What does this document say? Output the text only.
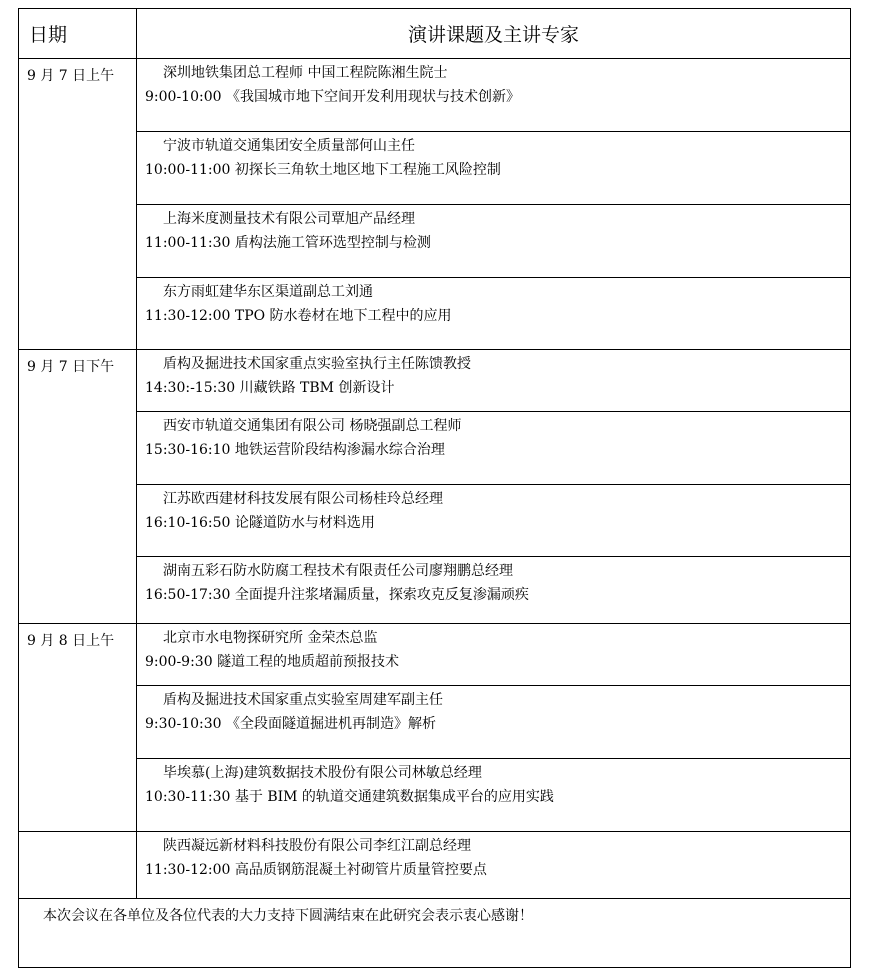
日期	演讲课题及主讲专家
9 月 7 日上午	深圳地铁集团总工程师 中国工程院陈湘生院士
9:00-10:00 《我国城市地下空间开发利用现状与技术创新》

	宁波市轨道交通集团安全质量部何山主任
10:00-11:00 初探长三角软土地区地下工程施工风险控制

	上海米度测量技术有限公司覃旭产品经理
11:00-11:30 盾构法施工管环选型控制与检测

	东方雨虹建华东区渠道副总工刘通
11:30-12:00 TPO 防水卷材在地下工程中的应用

9 月 7 日下午	盾构及掘进技术国家重点实验室执行主任陈馈教授
14:30:-15:30 川藏铁路 TBM 创新设计

	西安市轨道交通集团有限公司 杨晓强副总工程师
15:30-16:10 地铁运营阶段结构渗漏水综合治理

	江苏欧西建材科技发展有限公司杨桂玲总经理
16:10-16:50 论隧道防水与材料选用

	湖南五彩石防水防腐工程技术有限责任公司廖翔鹏总经理
16:50-17:30 全面提升注浆堵漏质量，探索攻克反复渗漏顽疾

9 月 8 日上午	北京市水电物探研究所 金荣杰总监
9:00-9:30 隧道工程的地质超前预报技术

	盾构及掘进技术国家重点实验室周建军副主任
9:30-10:30 《全段面隧道掘进机再制造》解析

	毕埃慕(上海)建筑数据技术股份有限公司林敏总经理
10:30-11:30 基于 BIM 的轨道交通建筑数据集成平台的应用实践

	陕西凝远新材料科技股份有限公司李红江副总经理
11:30-12:00 高品质钢筋混凝土衬砌管片质量管控要点

本次会议在各单位及各位代表的大力支持下圆满结束在此研究会表示衷心感谢！	
